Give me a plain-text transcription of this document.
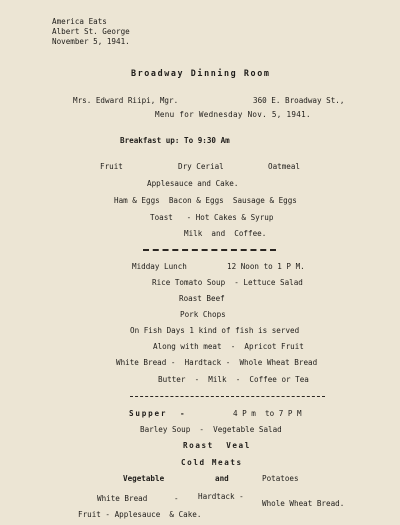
America Eats

Albert St. George

November 5, 1941.

Broadway Dinning Room

Mrs. Edward Riipi, Mgr.	360 E. Broadway St.,

Menu for Wednesday Nov. 5, 1941.

Breakfast up: To 9:30 Am

Fruit	Dry Cerial	Oatmeal

Applesauce and Cake.

Ham & Eggs  Bacon & Eggs  Sausage & Eggs

Toast   - Hot Cakes & Syrup

Milk  and  Coffee.

Midday Lunch	12 Noon to 1 P M.

Rice Tomato Soup  - Lettuce Salad

Roast Beef

Pork Chops

On Fish Days 1 kind of fish is served

Along with meat  -  Apricot Fruit

White Bread -  Hardtack -  Whole Wheat Bread

Butter  -  Milk  -  Coffee or Tea

Supper  -	4 P m  to 7 P M

Barley Soup  -  Vegetable Salad

Roast  Veal

Cold Meats

Vegetable	and	Potatoes

White Bread	-	Hardtack -

Whole Wheat Bread.

Fruit - Applesauce  & Cake.
